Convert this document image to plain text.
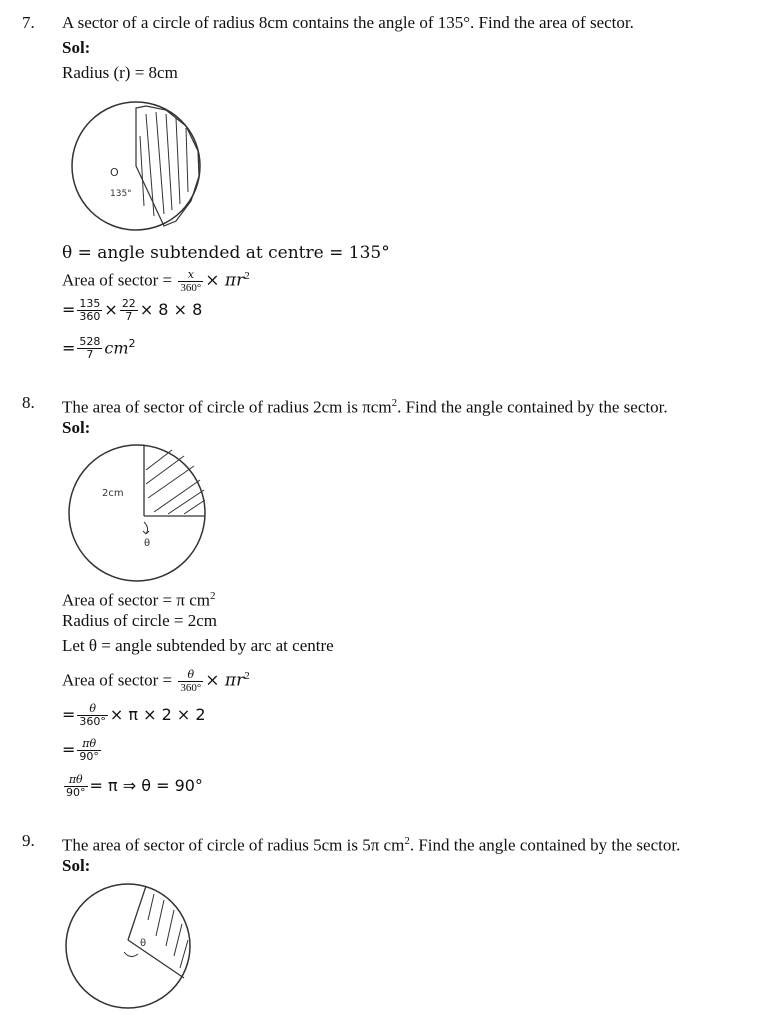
7. A sector of a circle of radius 8cm contains the angle of 135°. Find the area of sector.
Sol:
Radius (r) = 8cm
O
135°
θ = angle subtended at centre = 135°
Area of sector = $\frac{x}{360^\circ} \times \pi r^2$
= $\frac{135}{360} \times \frac{22}{7} \times 8 \times 8$
= $\frac{528}{7} cm^2$
8. The area of sector of circle of radius 2cm is πcm$^2$. Find the angle contained by the sector.
Sol:
2cm
θ
Area of sector = π $cm^2$
Radius of circle = 2cm
Let θ = angle subtended by arc at centre
Area of sector = $\frac{\theta}{360^\circ} \times \pi r^2$
= $\frac{\theta}{360^\circ} \times \pi \times 2 \times 2$
= $\frac{\pi\theta}{90^\circ}$
$\frac{\pi\theta}{90^\circ} = \pi$ ⇒ θ = 90°
9. The area of sector of circle of radius 5cm is 5π $cm^2$. Find the angle contained by the sector.
Sol:
θ
